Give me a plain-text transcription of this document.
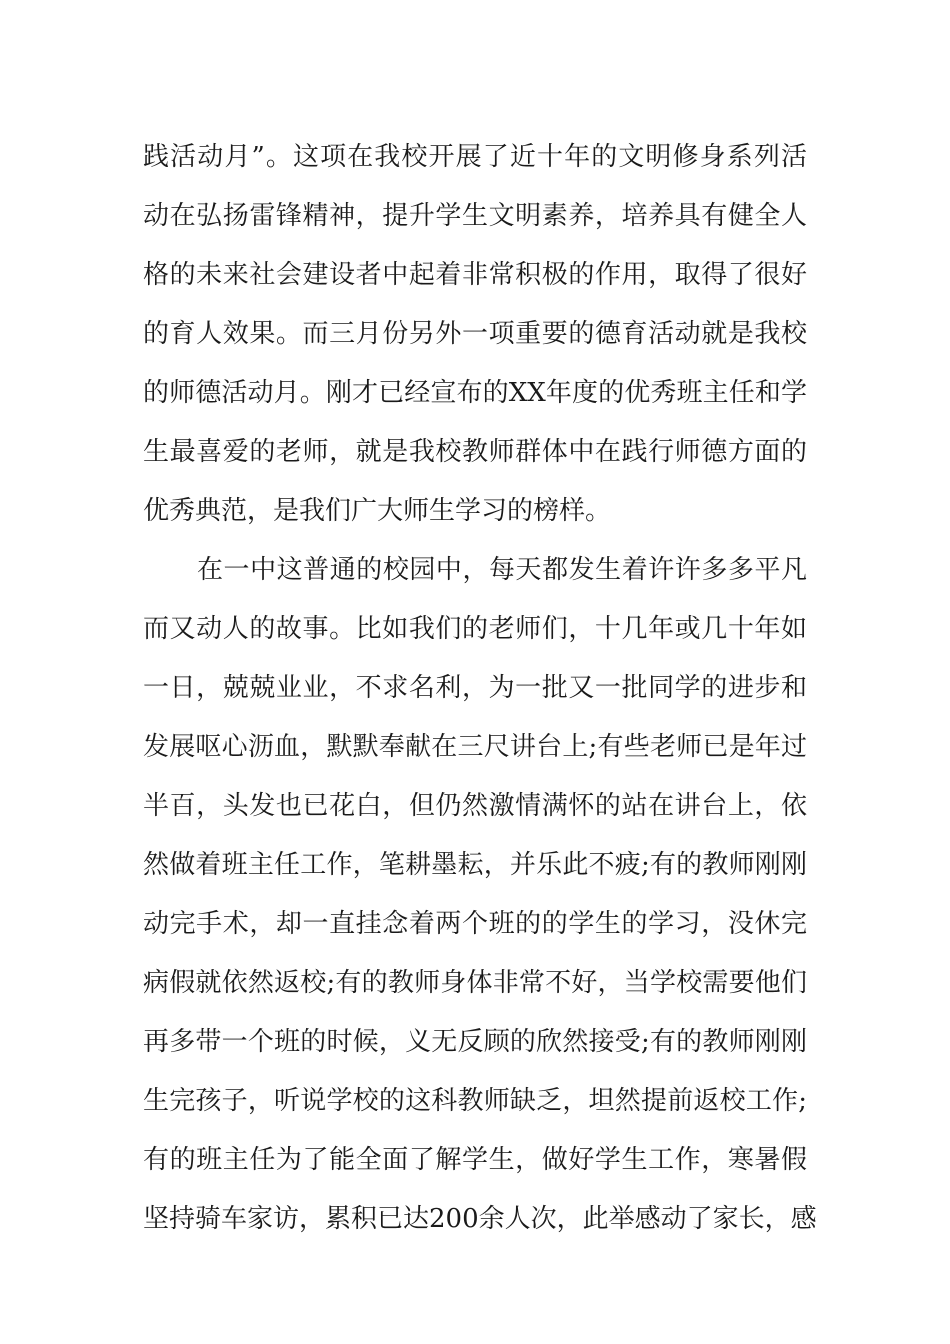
践活动月”。这项在我校开展了近十年的文明修身系列活
动在弘扬雷锋精神，提升学生文明素养，培养具有健全人
格的未来社会建设者中起着非常积极的作用，取得了很好
的育人效果。而三月份另外一项重要的德育活动就是我校
的师德活动月。刚才已经宣布的XX年度的优秀班主任和学
生最喜爱的老师，就是我校教师群体中在践行师德方面的
优秀典范，是我们广大师生学习的榜样。
在一中这普通的校园中，每天都发生着许许多多平凡
而又动人的故事。比如我们的老师们，十几年或几十年如
一日，兢兢业业，不求名利，为一批又一批同学的进步和
发展呕心沥血，默默奉献在三尺讲台上;有些老师已是年过
半百，头发也已花白，但仍然激情满怀的站在讲台上，依
然做着班主任工作，笔耕墨耘，并乐此不疲;有的教师刚刚
动完手术，却一直挂念着两个班的的学生的学习，没休完
病假就依然返校;有的教师身体非常不好，当学校需要他们
再多带一个班的时候，义无反顾的欣然接受;有的教师刚刚
生完孩子，听说学校的这科教师缺乏，坦然提前返校工作;
有的班主任为了能全面了解学生，做好学生工作，寒暑假
坚持骑车家访，累积已达200余人次，此举感动了家长，感
